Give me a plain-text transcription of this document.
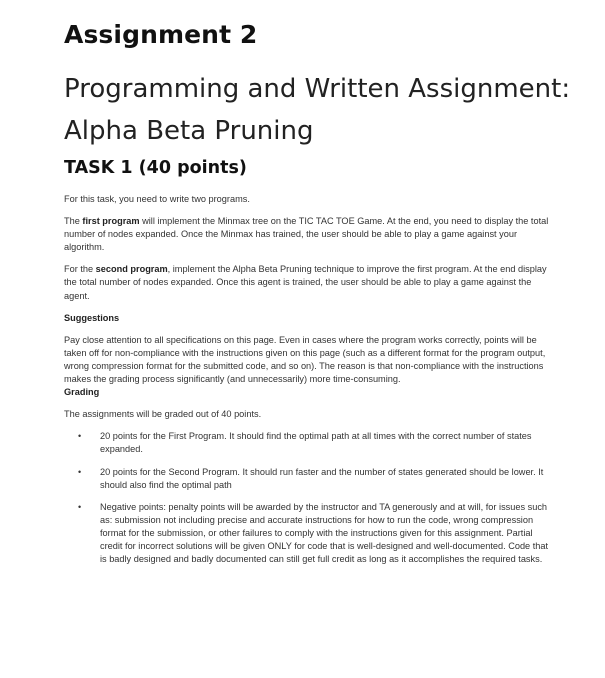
Assignment 2
Programming and Written Assignment: Alpha Beta Pruning
TASK 1 (40 points)

For this task, you need to write two programs.

The first program will implement the Minmax tree on the TIC TAC TOE Game. At the end, you need to display the total number of nodes expanded. Once the Minmax has trained, the user should be able to play a game against your algorithm.

For the second program, implement the Alpha Beta Pruning technique to improve the first program. At the end display the total number of nodes expanded. Once this agent is trained, the user should be able to play a game against the agent.

Suggestions

Pay close attention to all specifications on this page. Even in cases where the program works correctly, points will be taken off for non-compliance with the instructions given on this page (such as a different format for the program output, wrong compression format for the submitted code, and so on). The reason is that non-compliance with the instructions makes the grading process significantly (and unnecessarily) more time-consuming.

Grading

The assignments will be graded out of 40 points.

• 20 points for the First Program. It should find the optimal path at all times with the correct number of states expanded.
• 20 points for the Second Program. It should run faster and the number of states generated should be lower. It should also find the optimal path
• Negative points: penalty points will be awarded by the instructor and TA generously and at will, for issues such as: submission not including precise and accurate instructions for how to run the code, wrong compression format for the submission, or other failures to comply with the instructions given for this assignment. Partial credit for incorrect solutions will be given ONLY for code that is well-designed and well-documented. Code that is badly designed and badly documented can still get full credit as long as it accomplishes the required tasks.
